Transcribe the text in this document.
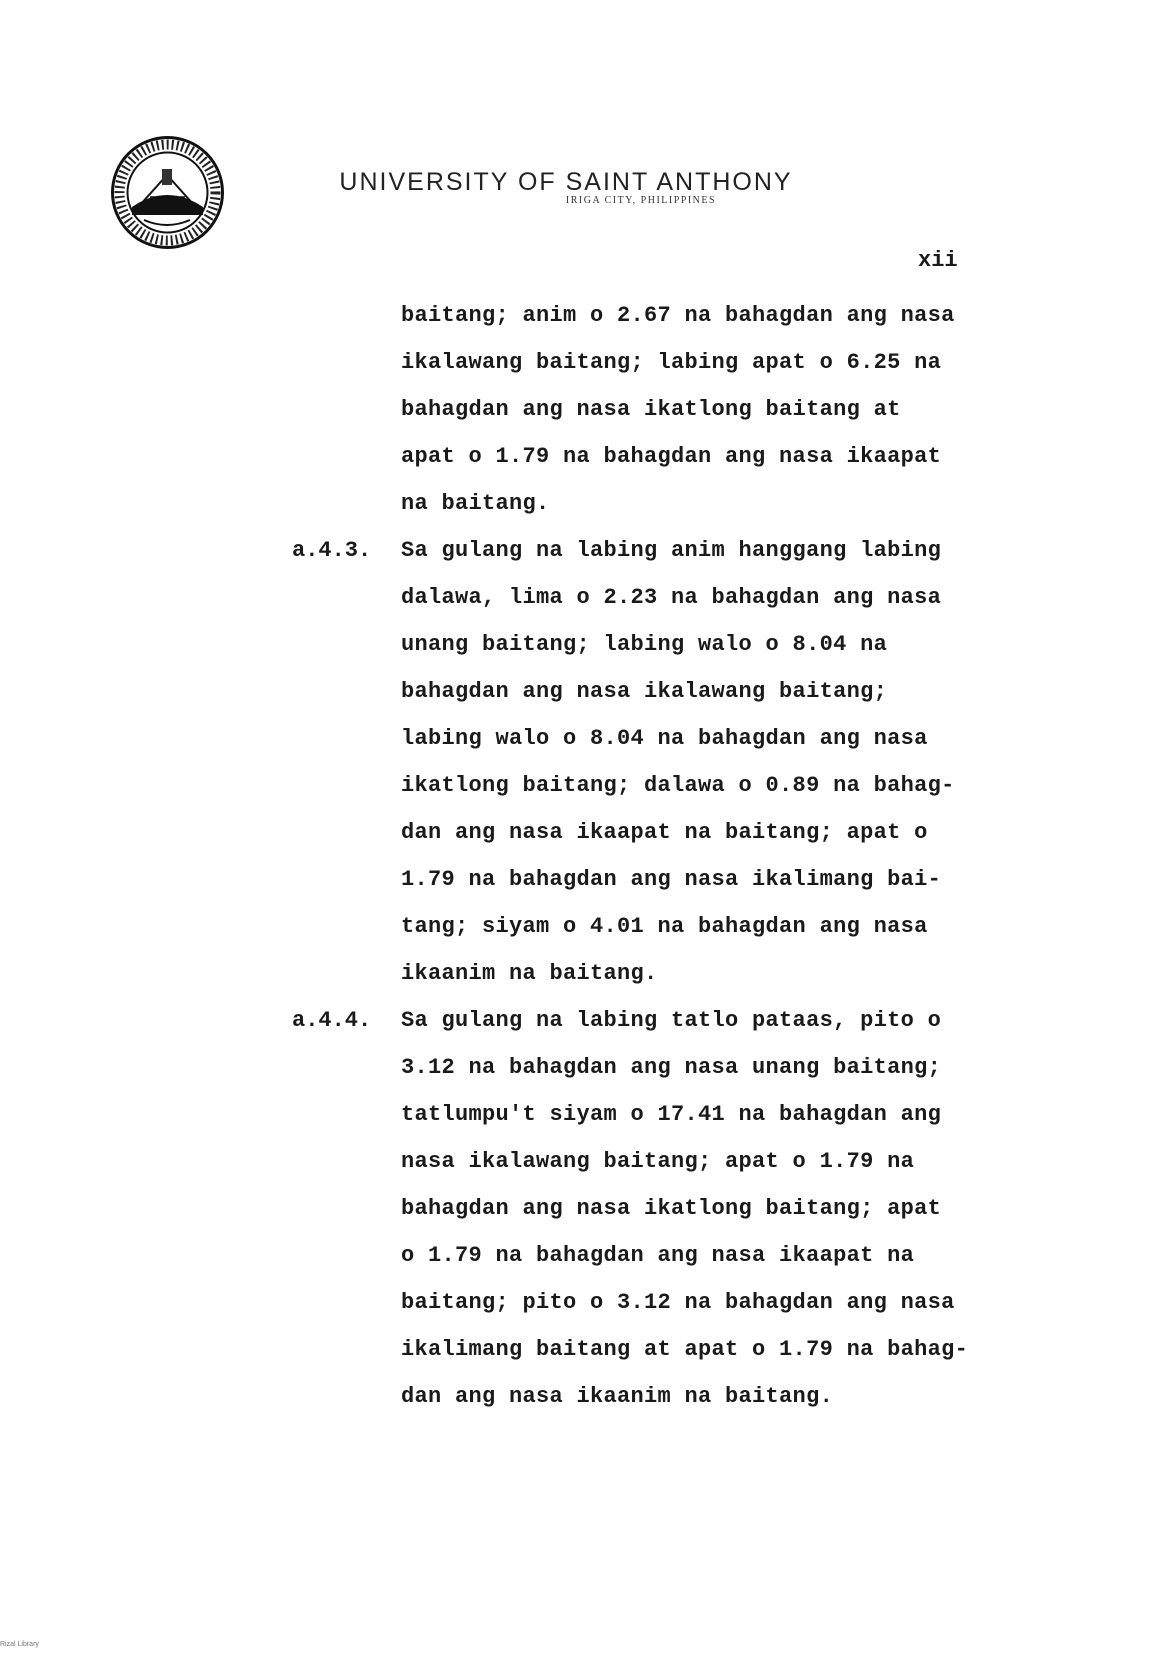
UNIVERSITY OF SAINT ANTHONY
IRIGA CITY, PHILIPPINES
xii
baitang; anim o 2.67 na bahagdan ang nasa
ikalawang baitang; labing apat o 6.25 na
bahagdan ang nasa ikatlong baitang at
apat o 1.79 na bahagdan ang nasa ikaapat
na baitang.
a.4.3. Sa gulang na labing anim hanggang labing
dalawa, lima o 2.23 na bahagdan ang nasa
unang baitang; labing walo o 8.04 na
bahagdan ang nasa ikalawang baitang;
labing walo o 8.04 na bahagdan ang nasa
ikatlong baitang; dalawa o 0.89 na bahag-
dan ang nasa ikaapat na baitang; apat o
1.79 na bahagdan ang nasa ikalimang bai-
tang; siyam o 4.01 na bahagdan ang nasa
ikaanim na baitang.
a.4.4. Sa gulang na labing tatlo pataas, pito o
3.12 na bahagdan ang nasa unang baitang;
tatlumpu't siyam o 17.41 na bahagdan ang
nasa ikalawang baitang; apat o 1.79 na
bahagdan ang nasa ikatlong baitang; apat
o 1.79 na bahagdan ang nasa ikaapat na
baitang; pito o 3.12 na bahagdan ang nasa
ikalimang baitang at apat o 1.79 na bahag-
dan ang nasa ikaanim na baitang.
Rizal Library
